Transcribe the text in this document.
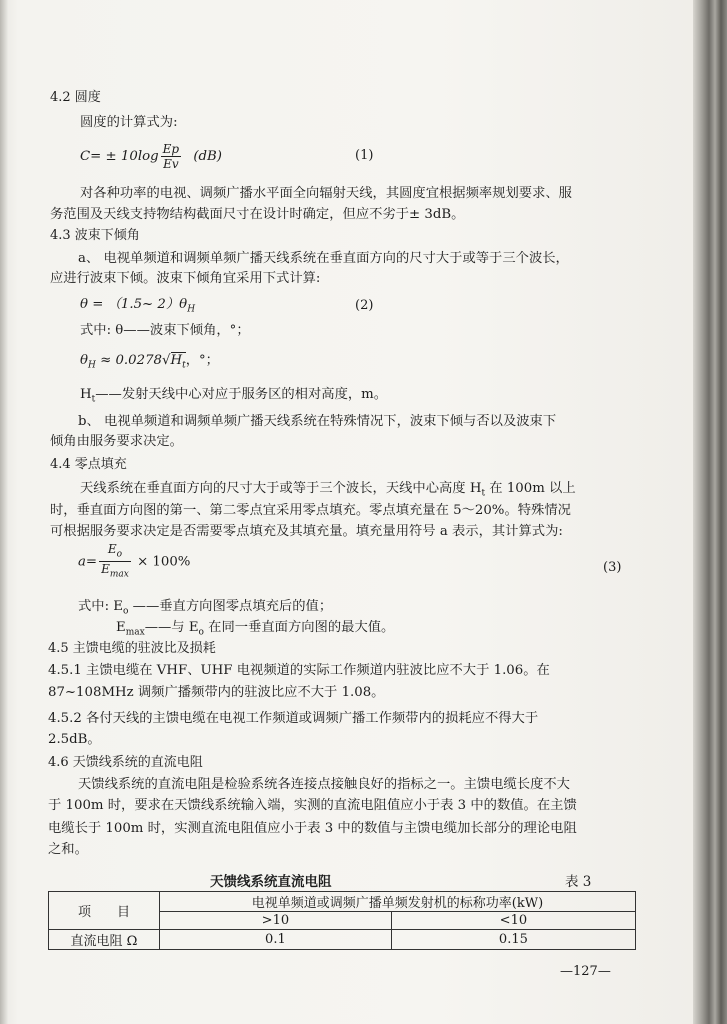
4.2 圆度
圆度的计算式为:
$C= \pm 10\log \frac{Ep}{Ev} (dB)$	(1)
对各种功率的电视、调频广播水平面全向辐射天线，其圆度宜根据频率规划要求、服
务范围及天线支持物结构截面尺寸在设计时确定，但应不劣于± 3dB。
4.3 波束下倾角
a、 电视单频道和调频单频广播天线系统在垂直面方向的尺寸大于或等于三个波长，
应进行波束下倾。波束下倾角宜采用下式计算:
θ = （1.5~ $2)\theta_H$	(2)
式中: θ——波束下倾角，°；
$\theta_H \approx 0.0278√H_t$，°；
$H_t——$发射天线中心对应于服务区的相对高度，m。
b、 电视单频道和调频单频广播天线系统在特殊情况下，波束下倾与否以及波束下
倾角由服务要求决定。
4.4 零点填充
天线系统在垂直面方向的尺寸大于或等于三个波长，天线中心高度 $H_t$ 在 100m 以上
时，垂直面方向图的第一、第二零点宜采用零点填充。零点填充量在 5～20%。特殊情况
可根据服务要求决定是否需要零点填充及其填充量。填充量用符号 a 表示，其计算式为:
$a= \frac{E_o}{E_{max}} \times 100\%$	(3)
式中: $E_o$ ——垂直方向图零点填充后的值；
$E_{max}——$与 $E_o$ 在同一垂直面方向图的最大值。
4.5 主馈电缆的驻波比及损耗
4.5.1 主馈电缆在 VHF、UHF 电视频道的实际工作频道内驻波比应不大于 1.06。在
87~108MHz 调频广播频带内的驻波比应不大于 1.08。
4.5.2 各付天线的主馈电缆在电视工作频道或调频广播工作频带内的损耗应不得大于
2.5dB。
4.6 天馈线系统的直流电阻
天馈线系统的直流电阻是检验系统各连接点接触良好的指标之一。主馈电缆长度不大
于 100m 时，要求在天馈线系统输入端，实测的直流电阻值应小于表 3 中的数值。在主馈
电缆长于 100m 时，实测直流电阻值应小于表 3 中的数值与主馈电缆加长部分的理论电阻
之和。
天馈线系统直流电阻	表 3
项　　目	电视单频道或调频广播单频发射机的标称功率(kW)	
	>10	<10
直流电阻 Ω	0.1	0.15
—127—
